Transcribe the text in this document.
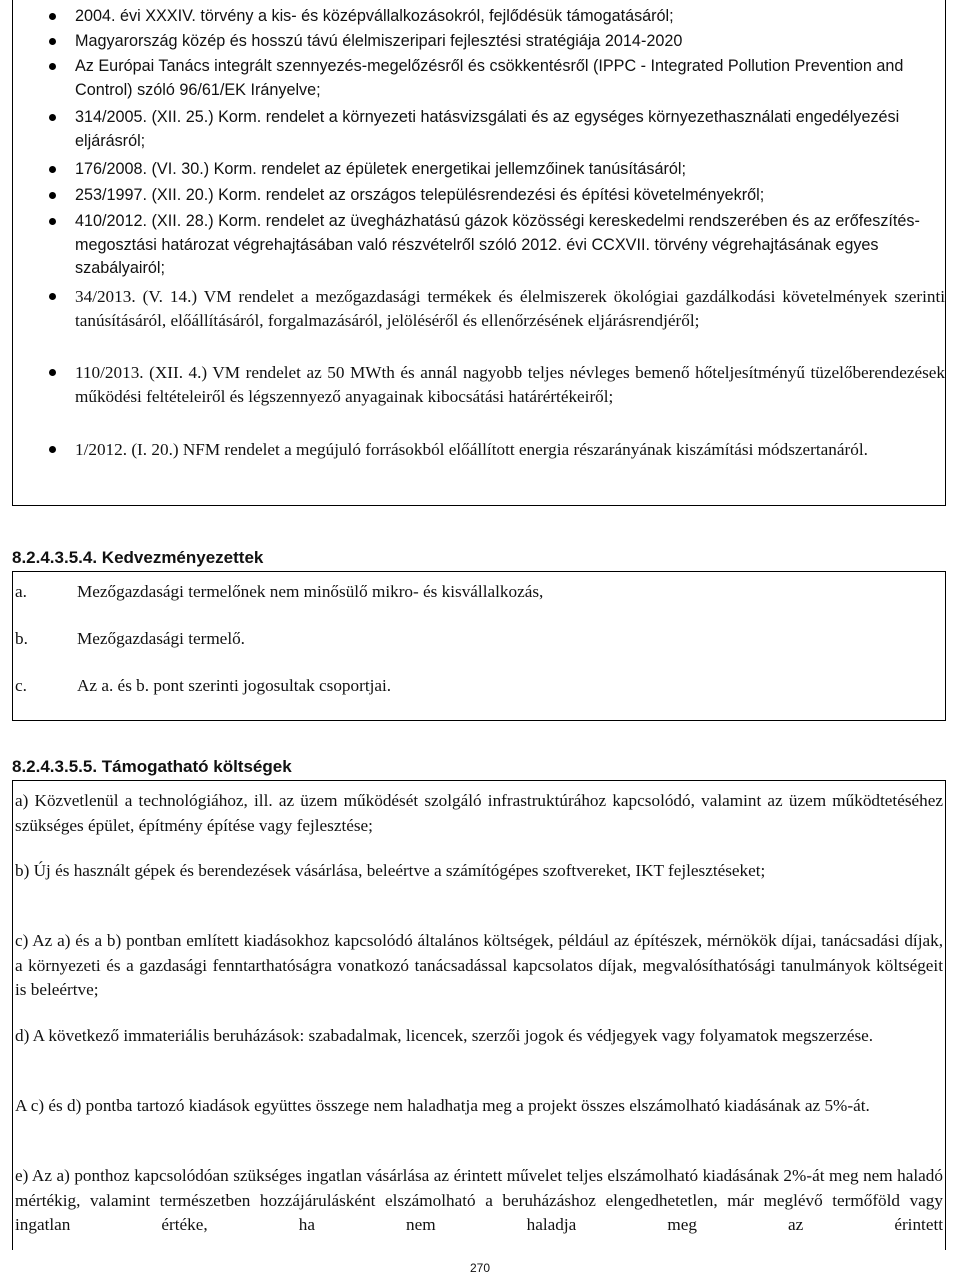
2004. évi XXXIV. törvény a kis- és középvállalkozásokról, fejlődésük támogatásáról;
Magyarország közép és hosszú távú élelmiszeripari fejlesztési stratégiája 2014-2020
Az Európai Tanács integrált szennyezés-megelőzésről és csökkentésről (IPPC - Integrated Pollution Prevention and Control) szóló 96/61/EK Irányelve;
314/2005. (XII. 25.) Korm. rendelet a környezeti hatásvizsgálati és az egységes környezethasználati engedélyezési eljárásról;
176/2008. (VI. 30.) Korm. rendelet az épületek energetikai jellemzőinek tanúsításáról;
253/1997. (XII. 20.) Korm. rendelet az országos településrendezési és építési követelményekről;
410/2012. (XII. 28.) Korm. rendelet az üvegházhatású gázok közösségi kereskedelmi rendszerében és az erőfeszítés-megosztási határozat végrehajtásában való részvételről szóló 2012. évi CCXVII. törvény végrehajtásának egyes szabályairól;
34/2013. (V. 14.) VM rendelet a mezőgazdasági termékek és élelmiszerek ökológiai gazdálkodási követelmények szerinti tanúsításáról, előállításáról, forgalmazásáról, jelöléséről és ellenőrzésének eljárásrendjéről;
110/2013. (XII. 4.) VM rendelet az 50 MWth és annál nagyobb teljes névleges bemenő hőteljesítményű tüzelőberendezések működési feltételeiről és légszennyező anyagainak kibocsátási határértékeiről;
1/2012. (I. 20.) NFM rendelet a megújuló forrásokból előállított energia részarányának kiszámítási módszertanáról.
8.2.4.3.5.4. Kedvezményezettek
a.	Mezőgazdasági termelőnek nem minősülő mikro- és kisvállalkozás,
b.	Mezőgazdasági termelő.
c.	Az a. és b. pont szerinti jogosultak csoportjai.
8.2.4.3.5.5. Támogatható költségek

a) Közvetlenül a technológiához, ill. az üzem működését szolgáló infrastruktúrához kapcsolódó, valamint az üzem működtetéséhez szükséges épület, építmény építése vagy fejlesztése;

b) Új és használt gépek és berendezések vásárlása, beleértve a számítógépes szoftvereket, IKT fejlesztéseket;

c) Az a) és a b) pontban említett kiadásokhoz kapcsolódó általános költségek, például az építészek, mérnökök díjai, tanácsadási díjak, a környezeti és a gazdasági fenntarthatóságra vonatkozó tanácsadással kapcsolatos díjak, megvalósíthatósági tanulmányok költségeit is beleértve;

d) A következő immateriális beruházások: szabadalmak, licencek, szerzői jogok és védjegyek vagy folyamatok megszerzése.

A c) és d) pontba tartozó kiadások együttes összege nem haladhatja meg a projekt összes elszámolható kiadásának az 5%-át.

e) Az a) ponthoz kapcsolódóan szükséges ingatlan vásárlása az érintett művelet teljes elszámolható kiadásának 2%-át meg nem haladó mértékig, valamint természetben hozzájárulásként elszámolható a beruházáshoz elengedhetetlen, már meglévő termőföld vagy ingatlan értéke, ha nem haladja meg az érintett

270
